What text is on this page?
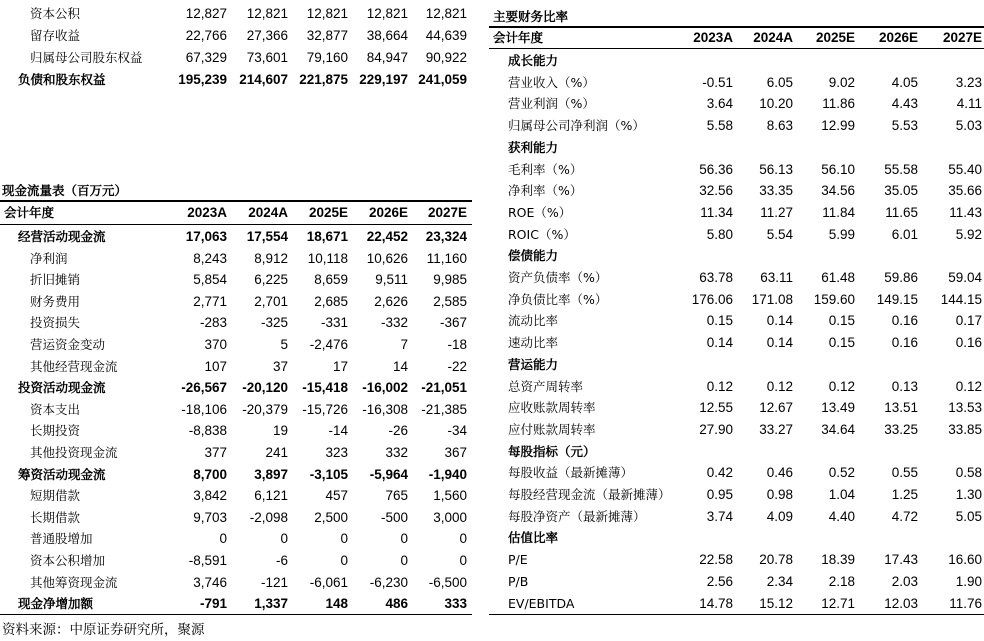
资本公积	12,827	12,821	12,821	12,821	12,821
留存收益	22,766	27,366	32,877	38,664	44,639
归属母公司股东权益	67,329	73,601	79,160	84,947	90,922
负债和股东权益	195,239 214,607 221,875 229,197 241,059
现金流量表（百万元）
会计年度	2023A	2024A	2025E	2026E	2027E
经营活动现金流	17,063	17,554	18,671	22,452	23,324
净利润	8,243	8,912	10,118	10,626	11,160
折旧摊销	5,854	6,225	8,659	9,511	9,985
财务费用	2,771	2,701	2,685	2,626	2,585
投资损失	-283	-325	-331	-332	-367
营运资金变动	370	5	-2,476	7	-18
其他经营现金流	107	37	17	14	-22
投资活动现金流	-26,567	-20,120	-15,418	-16,002 -21,051
资本支出	-18,106	-20,379	-15,726	-16,308 -21,385
长期投资	-8,838	19	-14	-26	-34
其他投资现金流	377	241	323	332	367
筹资活动现金流	8,700	3,897	-3,105	-5,964	-1,940
短期借款	3,842	6,121	457	765	1,560
长期借款	9,703	-2,098	2,500	-500	3,000
普通股增加	0	0	0	0	0
资本公积增加	-8,591	-6	0	0	0
其他筹资现金流	3,746	-121	-6,061	-6,230	-6,500
现金净增加额	-791	1,337	148	486	333
主要财务比率
会计年度	2023A	2024A	2025E	2026E	2027E
成长能力
营业收入（%）	-0.51	6.05	9.02	4.05	3.23
营业利润（%）	3.64	10.20	11.86	4.43	4.11
归属母公司净利润（%）	5.58	8.63	12.99	5.53	5.03
获利能力
毛利率（%）	56.36	56.13	56.10	55.58	55.40
净利率（%）	32.56	33.35	34.56	35.05	35.66
ROE（%）	11.34	11.27	11.84	11.65	11.43
ROIC（%）	5.80	5.54	5.99	6.01	5.92
偿债能力
资产负债率（%）	63.78	63.11	61.48	59.86	59.04
净负债比率（%）	176.06	171.08	159.60	149.15	144.15
流动比率	0.15	0.14	0.15	0.16	0.17
速动比率	0.14	0.14	0.15	0.16	0.16
营运能力
总资产周转率	0.12	0.12	0.12	0.13	0.12
应收账款周转率	12.55	12.67	13.49	13.51	13.53
应付账款周转率	27.90	33.27	34.64	33.25	33.85
每股指标（元）
每股收益（最新摊薄）	0.42	0.46	0.52	0.55	0.58
每股经营现金流（最新摊薄）	0.95	0.98	1.04	1.25	1.30
每股净资产（最新摊薄）	3.74	4.09	4.40	4.72	5.05
估值比率
P/E	22.58	20.78	18.39	17.43	16.60
P/B	2.56	2.34	2.18	2.03	1.90
EV/EBITDA	14.78	15.12	12.71	12.03	11.76
资料来源：中原证券研究所，聚源
